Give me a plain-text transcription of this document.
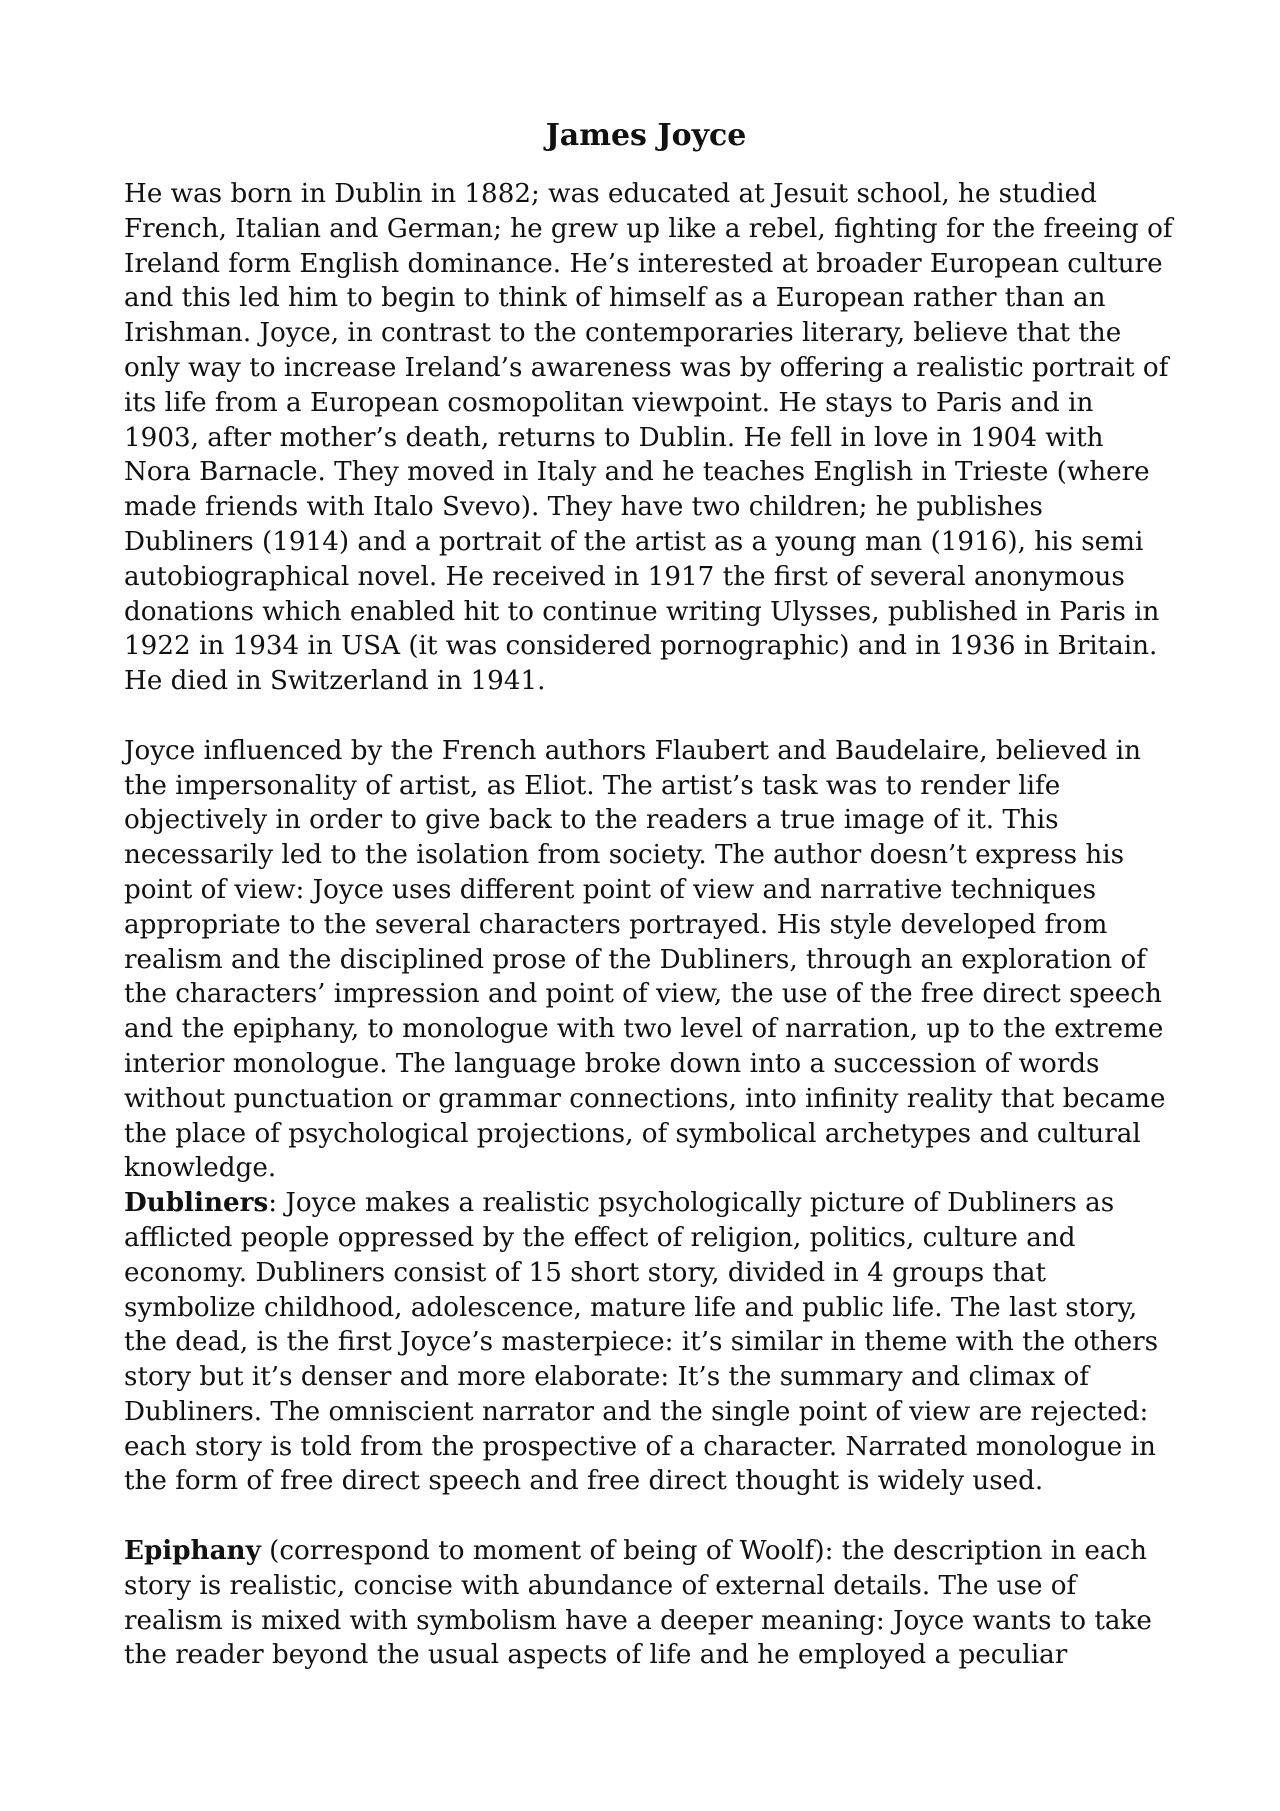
James Joyce

He was born in Dublin in 1882; was educated at Jesuit school, he studied French, Italian and German; he grew up like a rebel, fighting for the freeing of Ireland form English dominance. He’s interested at broader European culture and this led him to begin to think of himself as a European rather than an Irishman. Joyce, in contrast to the contemporaries literary, believe that the only way to increase Ireland’s awareness was by offering a realistic portrait of its life from a European cosmopolitan viewpoint. He stays to Paris and in 1903, after mother’s death, returns to Dublin. He fell in love in 1904 with Nora Barnacle. They moved in Italy and he teaches English in Trieste (where made friends with Italo Svevo). They have two children; he publishes Dubliners (1914) and a portrait of the artist as a young man (1916), his semi autobiographical novel. He received in 1917 the first of several anonymous donations which enabled hit to continue writing Ulysses, published in Paris in 1922 in 1934 in USA (it was considered pornographic) and in 1936 in Britain. He died in Switzerland in 1941.

Joyce influenced by the French authors Flaubert and Baudelaire, believed in the impersonality of artist, as Eliot. The artist’s task was to render life objectively in order to give back to the readers a true image of it. This necessarily led to the isolation from society. The author doesn’t express his point of view: Joyce uses different point of view and narrative techniques appropriate to the several characters portrayed. His style developed from realism and the disciplined prose of the Dubliners, through an exploration of the characters’ impression and point of view, the use of the free direct speech and the epiphany, to monologue with two level of narration, up to the extreme interior monologue. The language broke down into a succession of words without punctuation or grammar connections, into infinity reality that became the place of psychological projections, of symbolical archetypes and cultural knowledge.

Dubliners: Joyce makes a realistic psychologically picture of Dubliners as afflicted people oppressed by the effect of religion, politics, culture and economy. Dubliners consist of 15 short story, divided in 4 groups that symbolize childhood, adolescence, mature life and public life. The last story, the dead, is the first Joyce’s masterpiece: it’s similar in theme with the others story but it’s denser and more elaborate: It’s the summary and climax of Dubliners. The omniscient narrator and the single point of view are rejected: each story is told from the prospective of a character. Narrated monologue in the form of free direct speech and free direct thought is widely used.

Epiphany (correspond to moment of being of Woolf): the description in each story is realistic, concise with abundance of external details. The use of realism is mixed with symbolism have a deeper meaning: Joyce wants to take the reader beyond the usual aspects of life and he employed a peculiar
